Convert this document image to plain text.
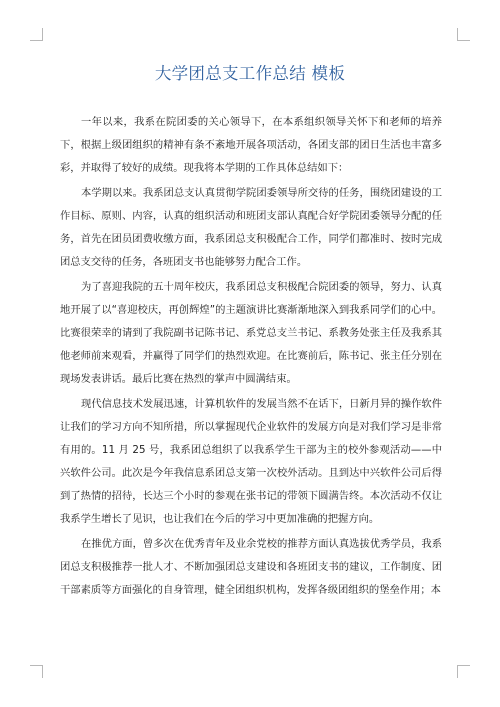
大学团总支工作总结 模板

一年以来，我系在院团委的关心领导下，在本系组织领导关怀下和老师的培养下，根据上级团组织的精神有条不紊地开展各项活动，各团支部的团日生活也丰富多彩，并取得了较好的成绩。现我将本学期的工作具体总结如下：

本学期以来。我系团总支认真贯彻学院团委领导所交待的任务，围绕团建设的工作目标、原则、内容，认真的组织活动和班团支部认真配合好学院团委领导分配的任务，首先在团员团费收缴方面，我系团总支积极配合工作，同学们都准时、按时完成团总支交待的任务，各班团支书也能够努力配合工作。

为了喜迎我院的五十周年校庆，我系团总支积极配合院团委的领导，努力、认真地开展了以“喜迎校庆，再创辉煌”的主题演讲比赛渐渐地深入到我系同学们的心中。比赛很荣幸的请到了我院副书记陈书记、系党总支兰书记、系教务处张主任及我系其他老师前来观看，并赢得了同学们的热烈欢迎。在比赛前后，陈书记、张主任分别在现场发表讲话。最后比赛在热烈的掌声中圆满结束。

现代信息技术发展迅速，计算机软件的发展当然不在话下，日新月异的操作软件让我们的学习方向不知所措，所以掌握现代企业软件的发展方向是对我们学习是非常有用的。11 月 25 号，我系团总组织了以我系学生干部为主的校外参观活动——中兴软件公司。此次是今年我信息系团总支第一次校外活动。且到达中兴软件公司后得到了热情的招待，长达三个小时的参观在张书记的带领下圆满告终。本次活动不仅让我系学生增长了见识，也让我们在今后的学习中更加准确的把握方向。

在推优方面，曾多次在优秀青年及业余党校的推荐方面认真选拔优秀学员，我系团总支积极推荐一批人才、不断加强团总支建设和各班团支书的建议，工作制度、团干部素质等方面强化的自身管理，健全团组织机构，发挥各级团组织的堡垒作用；本
